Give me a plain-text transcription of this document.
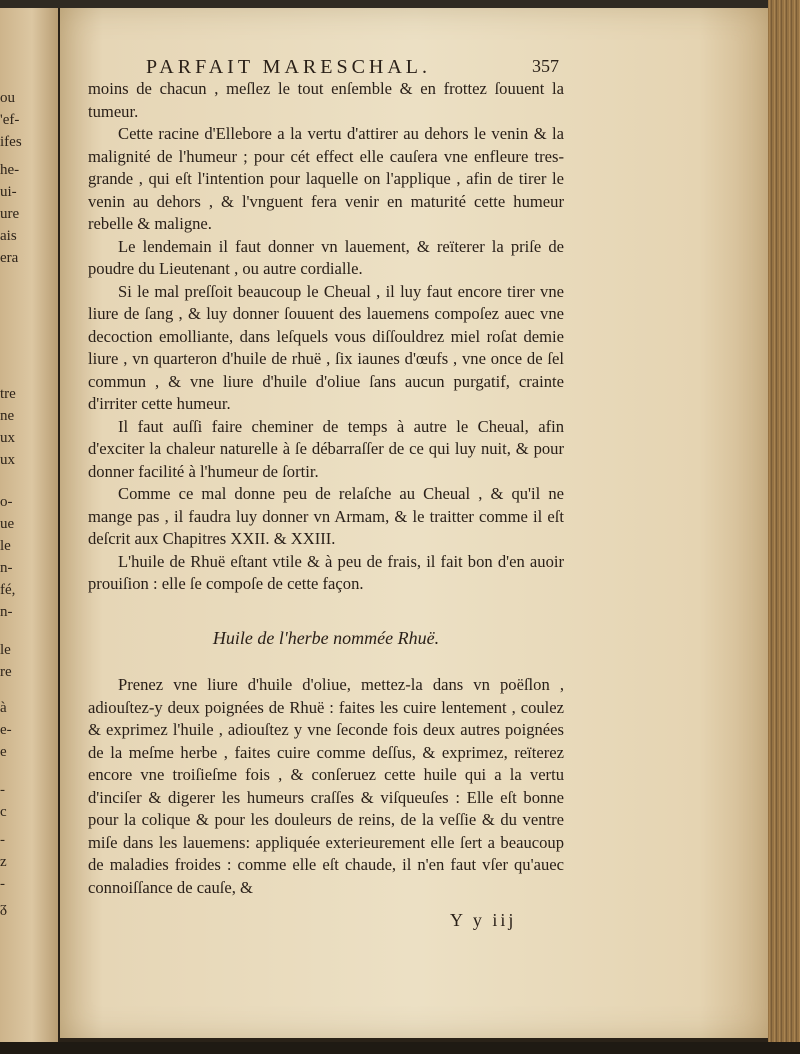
ou
'ef-
ifes
he-
ui-
ure
ais
era
tre
ne
ux
ux
o-
ue
le
n-
fé,
n-
le
re
à
e-
e
-
c
-
z
-
ᵹ
PARFAIT MARESCHAL.	357

moins de chacun , meſlez le tout enſemble & en frottez ſouuent la tumeur.

Cette racine d'Ellebore a la vertu d'attirer au dehors le venin & la malignité de l'humeur ; pour cét effect elle cauſera vne enfleure tres-grande , qui eſt l'intention pour laquelle on l'applique , afin de tirer le venin au dehors , & l'vnguent fera venir en maturité cette humeur rebelle & maligne.

Le lendemain il faut donner vn lauement, & reïterer la priſe de poudre du Lieutenant , ou autre cordialle.

Si le mal preſſoit beaucoup le Cheual , il luy faut encore tirer vne liure de ſang , & luy donner ſouuent des lauemens compoſez auec vne decoction emolliante, dans leſquels vous diſſouldrez miel roſat demie liure , vn quarteron d'huile de rhuë , ſix iaunes d'œufs , vne once de ſel commun , & vne liure d'huile d'oliue ſans aucun purgatif, crainte d'irriter cette humeur.

Il faut auſſi faire cheminer de temps à autre le Cheual, afin d'exciter la chaleur naturelle à ſe débarraſſer de ce qui luy nuit, & pour donner facilité à l'humeur de ſortir.

Comme ce mal donne peu de relaſche au Cheual , & qu'il ne mange pas , il faudra luy donner vn Armam, & le traitter comme il eſt deſcrit aux Chapitres XXII. & XXIII.

L'huile de Rhuë eſtant vtile & à peu de frais, il fait bon d'en auoir prouiſion : elle ſe compoſe de cette façon.

Huile de l'herbe nommée Rhuë.

Prenez vne liure d'huile d'oliue, mettez-la dans vn poëſlon , adiouſtez-y deux poignées de Rhuë : faites les cuire lentement , coulez & exprimez l'huile , adiouſtez y vne ſeconde fois deux autres poignées de la meſme herbe , faites cuire comme deſſus, & exprimez, reïterez encore vne troiſieſme fois , & conſeruez cette huile qui a la vertu d'inciſer & digerer les humeurs craſſes & viſqueuſes : Elle eſt bonne pour la colique & pour les douleurs de reins, de la veſſie & du ventre miſe dans les lauemens: appliquée exterieurement elle ſert a beaucoup de maladies froides : comme elle eſt chaude, il n'en faut vſer qu'auec connoiſſance de cauſe, &

Y y iij
